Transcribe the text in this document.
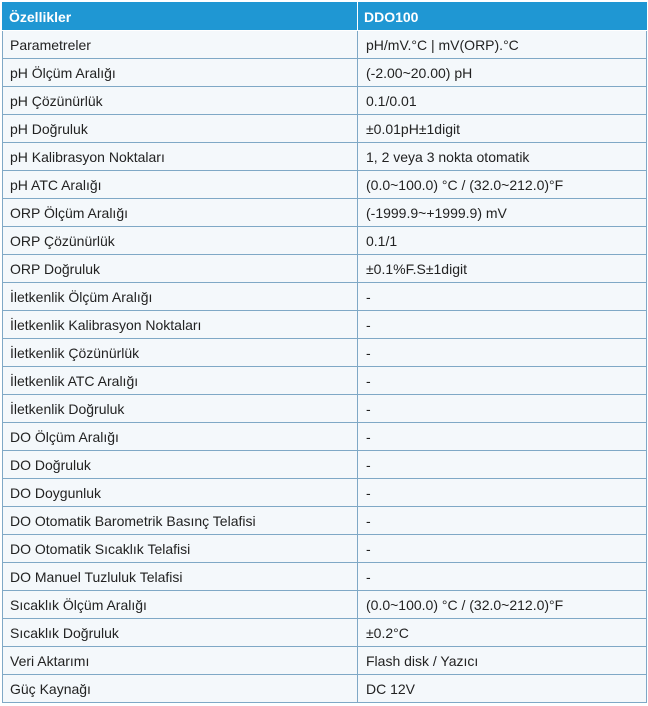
Özellikler	DDO100
Parametreler	pH/mV.°C | mV(ORP).°C
pH Ölçüm Aralığı	(-2.00~20.00) pH
pH Çözünürlük	0.1/0.01
pH Doğruluk	±0.01pH±1digit
pH Kalibrasyon Noktaları	1, 2 veya 3 nokta otomatik
pH ATC Aralığı	(0.0~100.0) °C / (32.0~212.0)°F
ORP Ölçüm Aralığı	(-1999.9~+1999.9) mV
ORP Çözünürlük	0.1/1
ORP Doğruluk	±0.1%F.S±1digit
İletkenlik Ölçüm Aralığı	-
İletkenlik Kalibrasyon Noktaları	-
İletkenlik Çözünürlük	-
İletkenlik ATC Aralığı	-
İletkenlik Doğruluk	-
DO Ölçüm Aralığı	-
DO Doğruluk	-
DO Doygunluk	-
DO Otomatik Barometrik Basınç Telafisi	-
DO Otomatik Sıcaklık Telafisi	-
DO Manuel Tuzluluk Telafisi	-
Sıcaklık Ölçüm Aralığı	(0.0~100.0) °C / (32.0~212.0)°F
Sıcaklık Doğruluk	±0.2°C
Veri Aktarımı	Flash disk / Yazıcı
Güç Kaynağı	DC 12V
